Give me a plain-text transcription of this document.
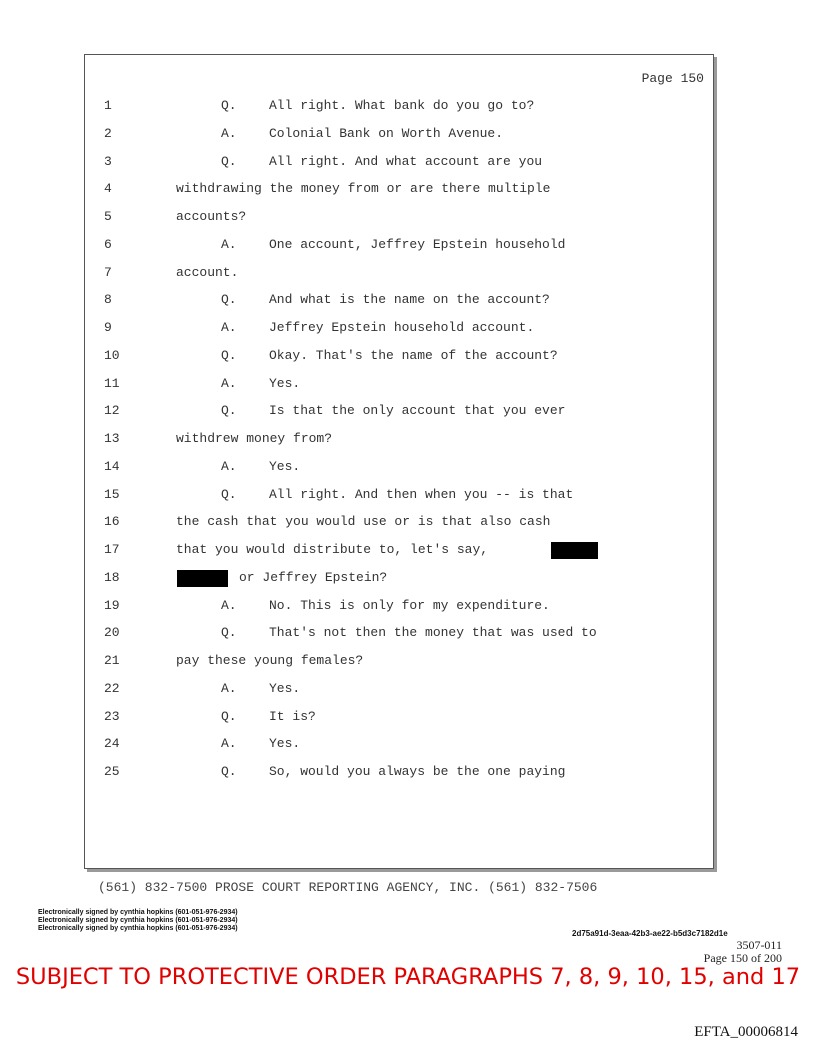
Page 150
1	Q. All right. What bank do you go to?
2	A. Colonial Bank on Worth Avenue.
3	Q. All right. And what account are you
4	withdrawing the money from or are there multiple
5	accounts?
6	A. One account, Jeffrey Epstein household
7	account.
8	Q. And what is the name on the account?
9	A. Jeffrey Epstein household account.
10	Q. Okay. That's the name of the account?
11	A. Yes.
12	Q. Is that the only account that you ever
13	withdrew money from?
14	A. Yes.
15	Q. All right. And then when you -- is that
16	the cash that you would use or is that also cash
17	that you would distribute to, let's say,
18	or Jeffrey Epstein?
19	A. No. This is only for my expenditure.
20	Q. That's not then the money that was used to
21	pay these young females?
22	A. Yes.
23	Q. It is?
24	A. Yes.
25	Q. So, would you always be the one paying
(561) 832-7500 PROSE COURT REPORTING AGENCY, INC. (561) 832-7506
Electronically signed by cynthia hopkins (601-051-976-2934)
Electronically signed by cynthia hopkins (601-051-976-2934)
Electronically signed by cynthia hopkins (601-051-976-2934)
2d75a91d-3eaa-42b3-ae22-b5d3c7182d1e
3507-011
Page 150 of 200
SUBJECT TO PROTECTIVE ORDER PARAGRAPHS 7, 8, 9, 10, 15, and 17
EFTA_00006814
